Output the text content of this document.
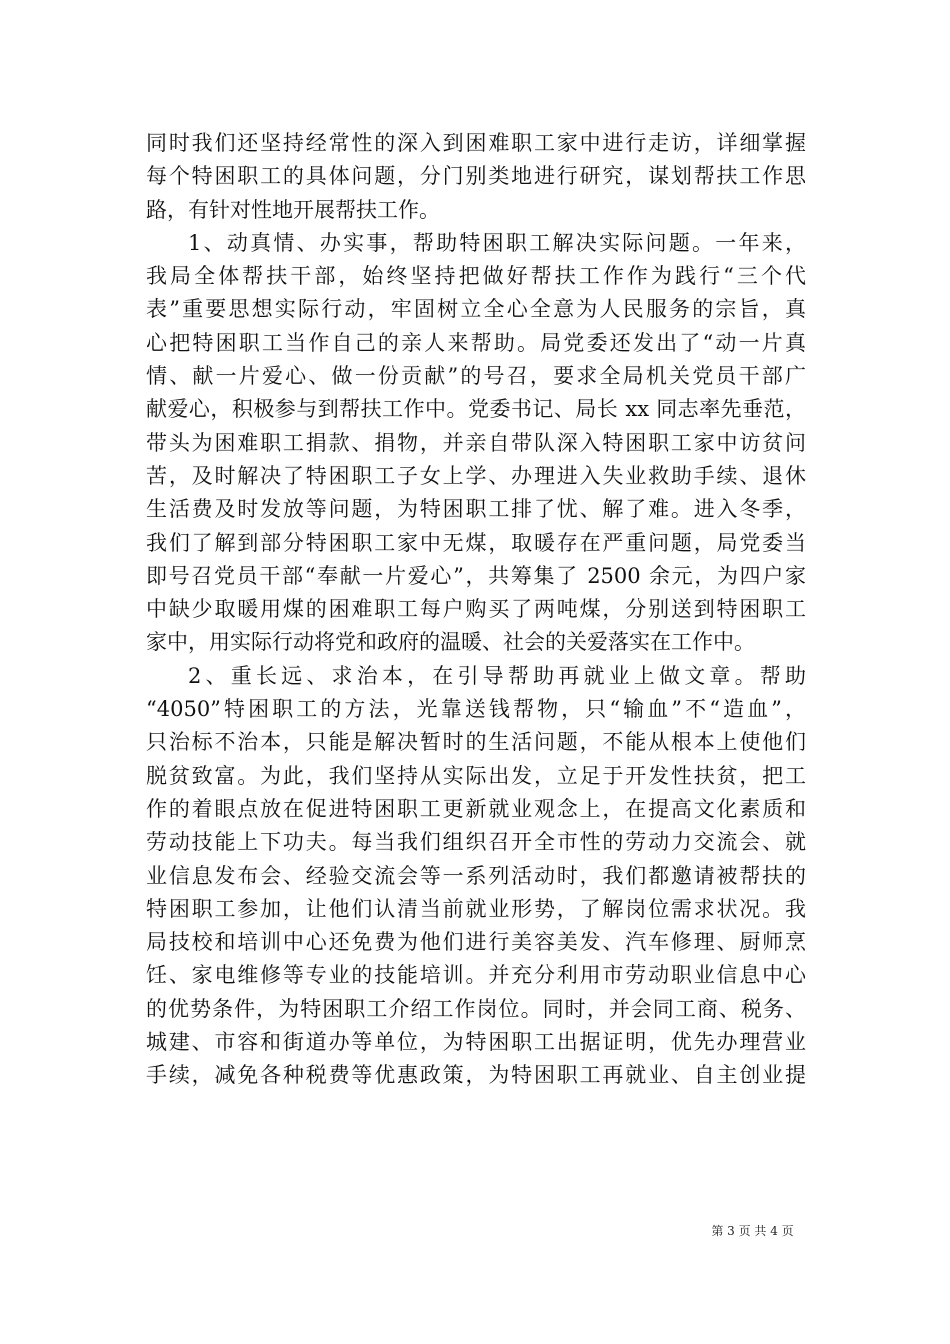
同时我们还坚持经常性的深入到困难职工家中进行走访，详细掌握
每个特困职工的具体问题，分门别类地进行研究，谋划帮扶工作思
路，有针对性地开展帮扶工作。
1、动真情、办实事，帮助特困职工解决实际问题。一年来，
我局全体帮扶干部，始终坚持把做好帮扶工作作为践行“三个代
表”重要思想实际行动，牢固树立全心全意为人民服务的宗旨，真
心把特困职工当作自己的亲人来帮助。局党委还发出了“动一片真
情、献一片爱心、做一份贡献”的号召，要求全局机关党员干部广
献爱心，积极参与到帮扶工作中。党委书记、局长 xx 同志率先垂范，
带头为困难职工捐款、捐物，并亲自带队深入特困职工家中访贫问
苦，及时解决了特困职工子女上学、办理进入失业救助手续、退休
生活费及时发放等问题，为特困职工排了忧、解了难。进入冬季，
我们了解到部分特困职工家中无煤，取暖存在严重问题，局党委当
即号召党员干部“奉献一片爱心”，共筹集了 2500 余元，为四户家
中缺少取暖用煤的困难职工每户购买了两吨煤，分别送到特困职工
家中，用实际行动将党和政府的温暖、社会的关爱落实在工作中。
2、重长远、求治本，在引导帮助再就业上做文章。帮助
“4050”特困职工的方法，光靠送钱帮物，只“输血”不“造血”，
只治标不治本，只能是解决暂时的生活问题，不能从根本上使他们
脱贫致富。为此，我们坚持从实际出发，立足于开发性扶贫，把工
作的着眼点放在促进特困职工更新就业观念上，在提高文化素质和
劳动技能上下功夫。每当我们组织召开全市性的劳动力交流会、就
业信息发布会、经验交流会等一系列活动时，我们都邀请被帮扶的
特困职工参加，让他们认清当前就业形势，了解岗位需求状况。我
局技校和培训中心还免费为他们进行美容美发、汽车修理、厨师烹
饪、家电维修等专业的技能培训。并充分利用市劳动职业信息中心
的优势条件，为特困职工介绍工作岗位。同时，并会同工商、税务、
城建、市容和街道办等单位，为特困职工出据证明，优先办理营业
手续，减免各种税费等优惠政策，为特困职工再就业、自主创业提
第 3 页 共 4 页
